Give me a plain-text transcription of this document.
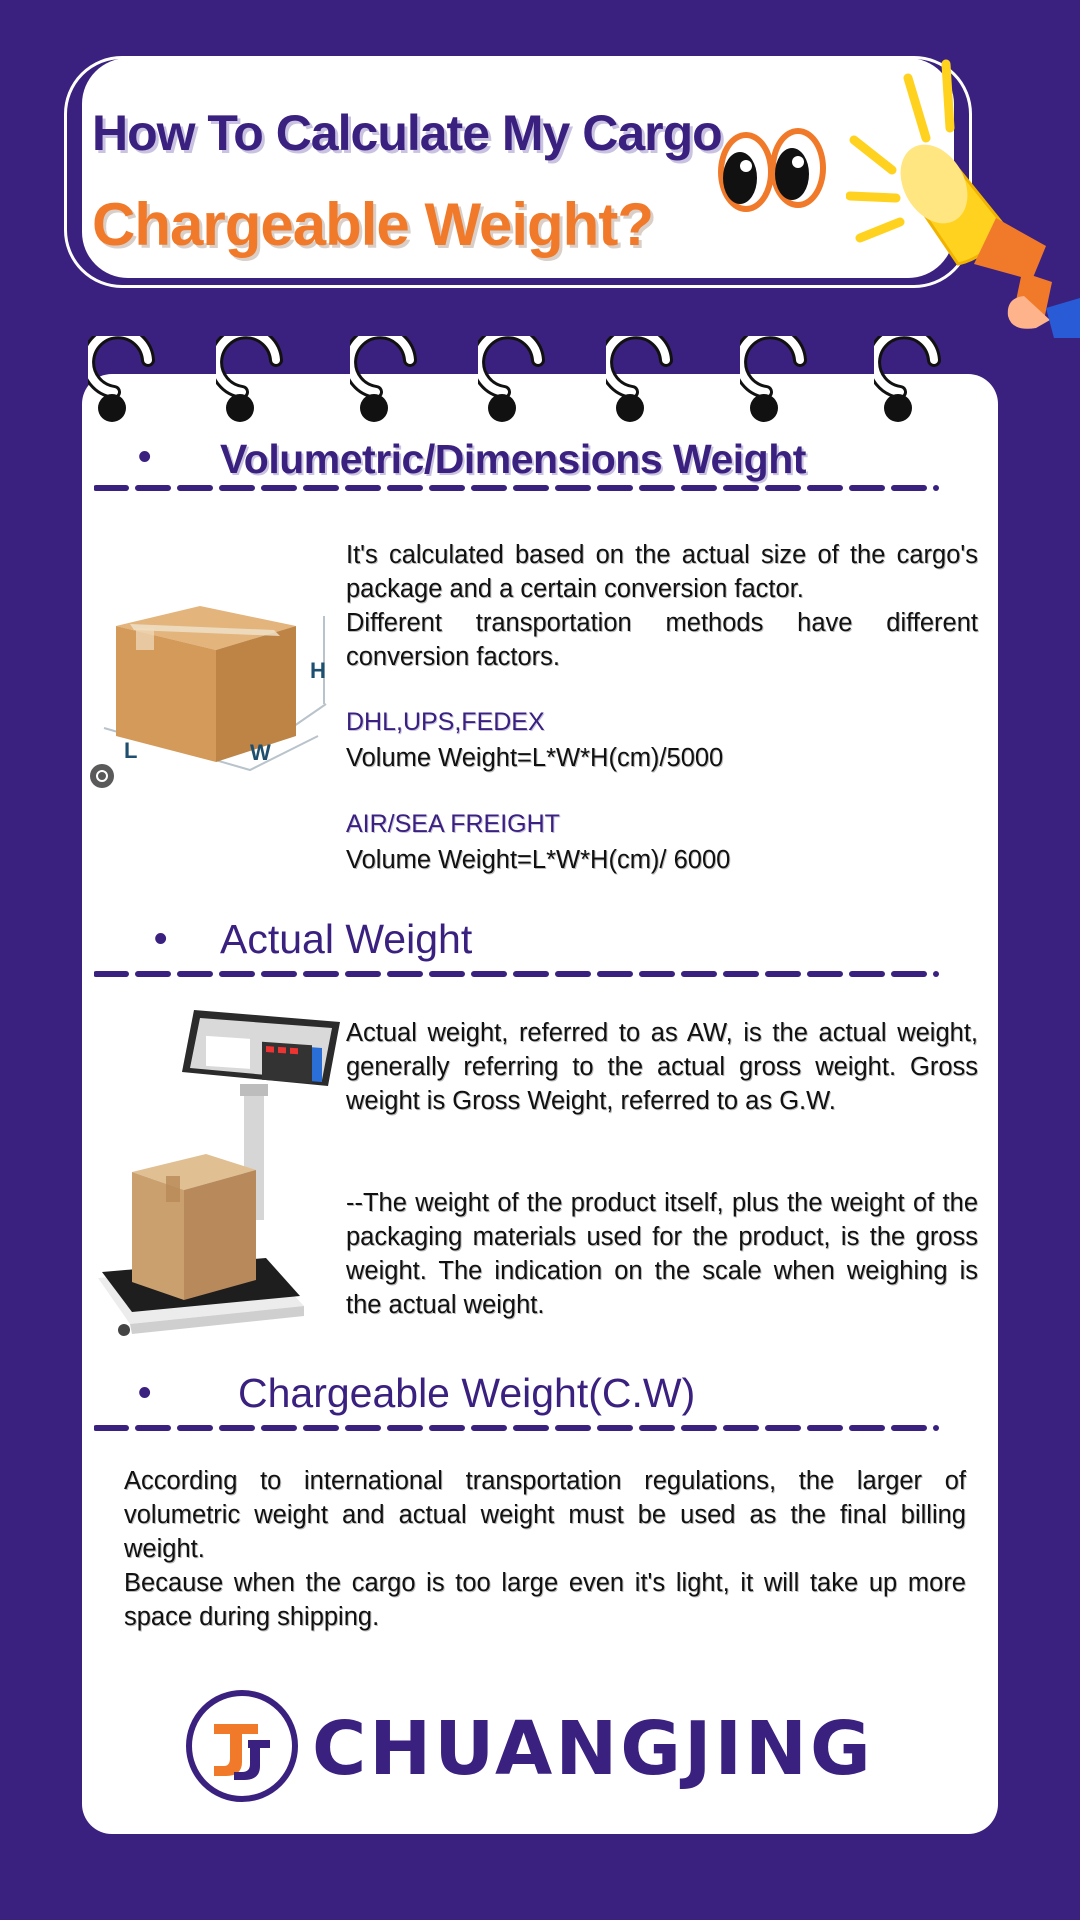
How To Calculate My Cargo
Chargeable Weight?
• Volumetric/Dimensions Weight
H
L	W
It's calculated based on the actual size of the cargo's package and a certain conversion factor.
Different transportation methods have different conversion factors.
DHL,UPS,FEDEX
Volume Weight=L*W*H(cm)/5000
AIR/SEA FREIGHT
Volume Weight=L*W*H(cm)/ 6000
• Actual Weight
Actual weight, referred to as AW, is the actual weight, generally referring to the actual gross weight. Gross weight is Gross Weight, referred to as G.W.
--The weight of the product itself, plus the weight of the packaging materials used for the product, is the gross weight. The indication on the scale when weighing is the actual weight.
• Chargeable Weight(C.W)
According to international transportation regulations, the larger of volumetric weight and actual weight must be used as the final billing weight.
Because when the cargo is too large even it's light, it will take up more space during shipping.
CHUANGJING
